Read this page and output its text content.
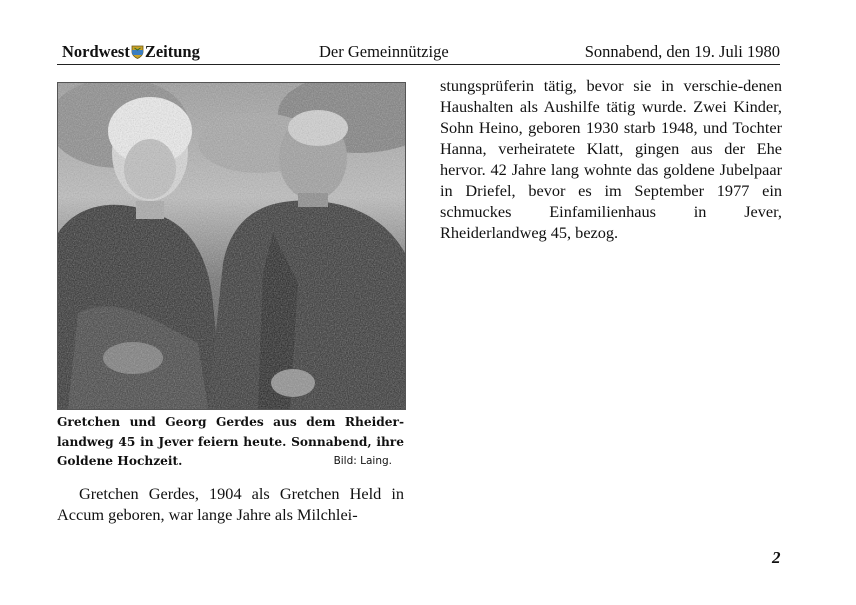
Nordwest Zeitung	Der Gemeinnützige	Sonnabend, den 19. Juli 1980
Bild: Laing.
Gretchen und Georg Gerdes aus dem Rheider-landweg 45 in Jever feiern heute. Sonnabend, ihre Goldene Hochzeit.

Gretchen Gerdes, 1904 als Gretchen Held in Accum geboren, war lange Jahre als Milchlei-

stungsprüferin tätig, bevor sie in verschie-denen Haushalten als Aushilfe tätig wurde. Zwei Kinder, Sohn Heino, geboren 1930 starb 1948, und Tochter Hanna, verheiratete Klatt, gingen aus der Ehe hervor. 42 Jahre lang wohnte das goldene Jubelpaar in Driefel, bevor es im September 1977 ein schmuckes Einfamilienhaus in Jever, Rheiderlandweg 45, bezog.

2
